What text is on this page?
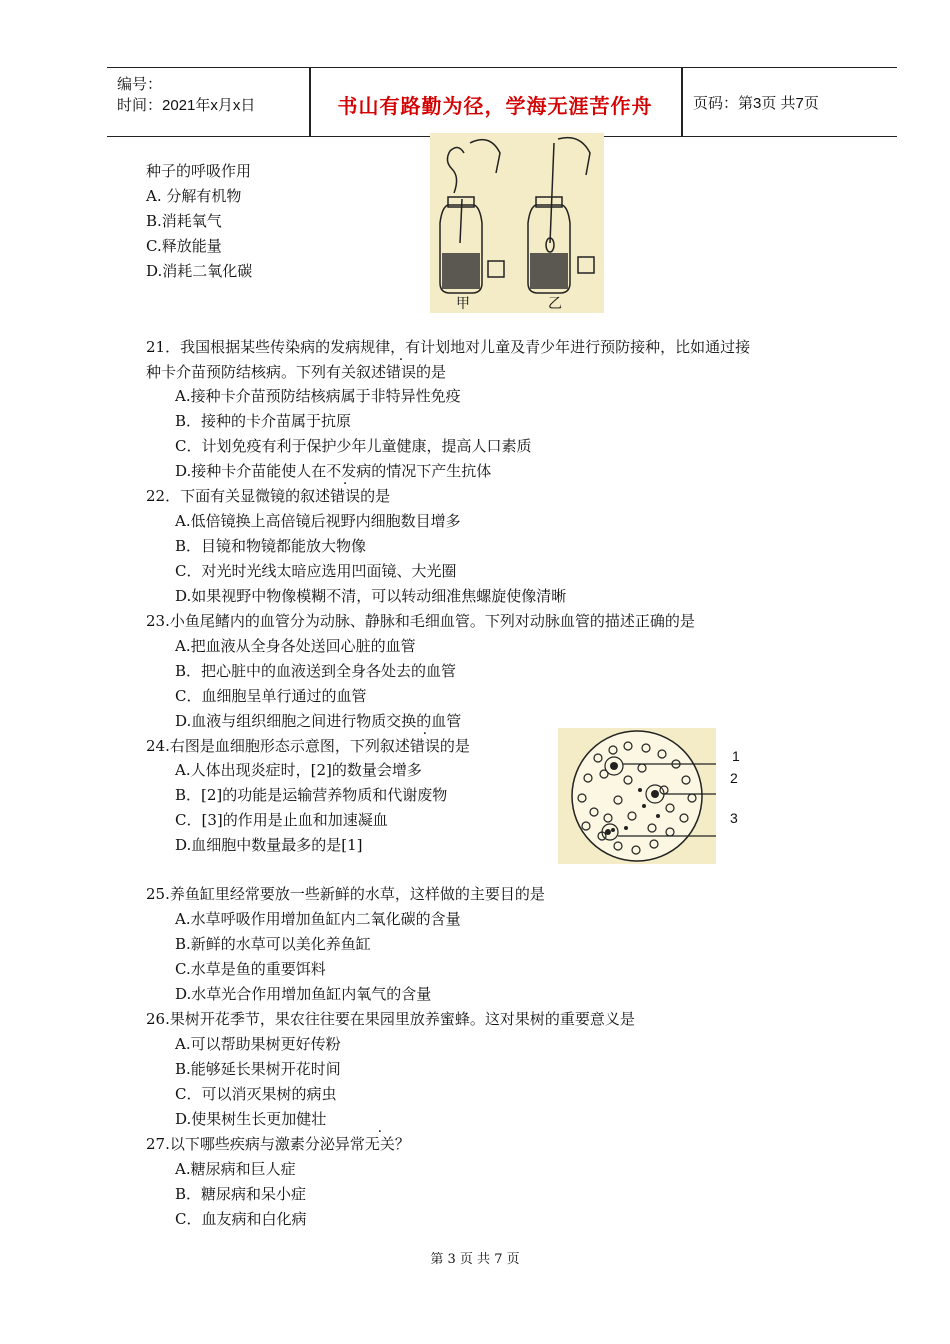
编号：
时间：2021年x月x日	书山有路勤为径，学海无涯苦作舟	页码：第3页 共7页
种子的呼吸作用
A. 分解有机物
B.消耗氧气
C.释放能量
D.消耗二氧化碳
甲	乙
21．我国根据某些传染病的发病规律，有计划地对儿童及青少年进行预防接种，比如通过接
种卡介苗预防结核病。下列有关叙述错误的是
A.接种卡介苗预防结核病属于非特异性免疫
B．接种的卡介苗属于抗原
C．计划免疫有利于保护少年儿童健康，提高人口素质
D.接种卡介苗能使人在不发病的情况下产生抗体
22．下面有关显微镜的叙述错误的是
A.低倍镜换上高倍镜后视野内细胞数目增多
B．目镜和物镜都能放大物像
C．对光时光线太暗应选用凹面镜、大光圈
D.如果视野中物像模糊不清，可以转动细准焦螺旋使像清晰
23.小鱼尾鳍内的血管分为动脉、静脉和毛细血管。下列对动脉血管的描述正确的是
A.把血液从全身各处送回心脏的血管
B．把心脏中的血液送到全身各处去的血管
C．血细胞呈单行通过的血管
D.血液与组织细胞之间进行物质交换的血管
24.右图是血细胞形态示意图，下列叙述错误的是
A.人体出现炎症时，[2]的数量会增多
B．[2]的功能是运输营养物质和代谢废物
C．[3]的作用是止血和加速凝血
D.血细胞中数量最多的是[1]
1
2
3
25.养鱼缸里经常要放一些新鲜的水草，这样做的主要目的是
A.水草呼吸作用增加鱼缸内二氧化碳的含量
B.新鲜的水草可以美化养鱼缸
C.水草是鱼的重要饵料
D.水草光合作用增加鱼缸内氧气的含量
26.果树开花季节，果农往往要在果园里放养蜜蜂。这对果树的重要意义是
A.可以帮助果树更好传粉
B.能够延长果树开花时间
C．可以消灭果树的病虫
D.使果树生长更加健壮
27.以下哪些疾病与激素分泌异常无关？
A.糖尿病和巨人症
B．糖尿病和呆小症
C．血友病和白化病
第 3 页 共 7 页
